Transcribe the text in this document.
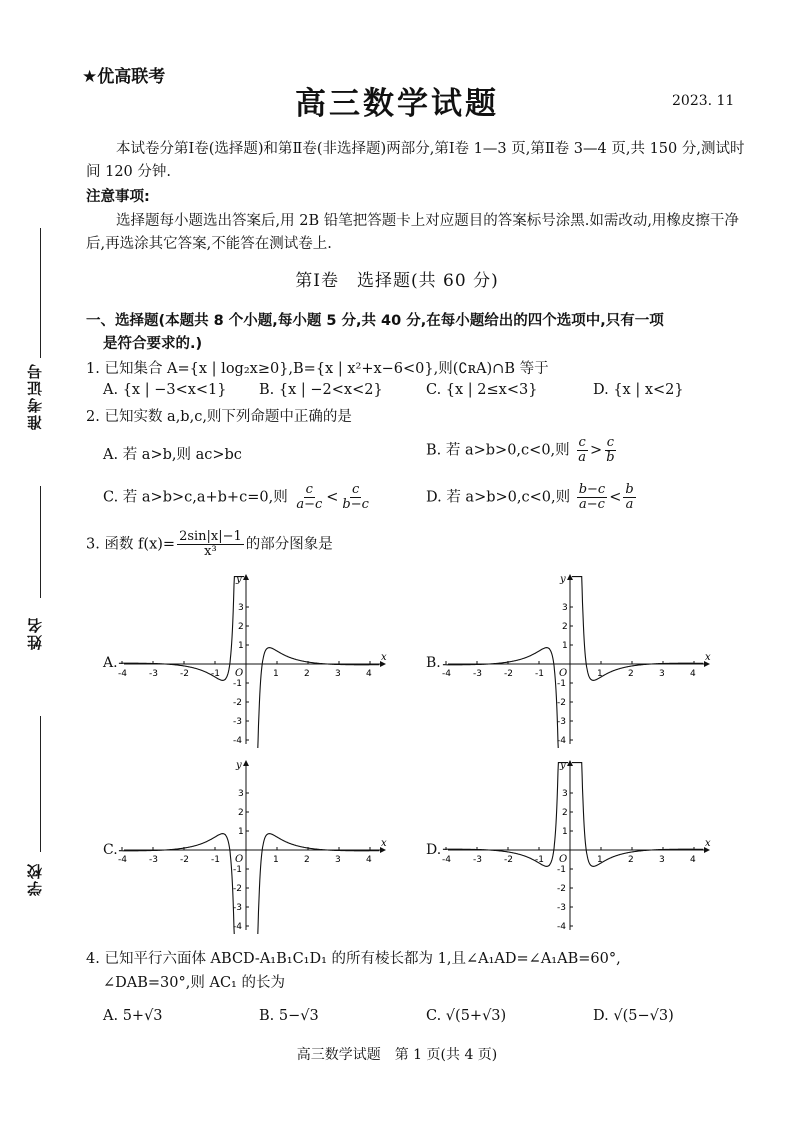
准考证号
姓名
学校
★优高联考
高三数学试题	2023. 11
本试卷分第Ⅰ卷(选择题)和第Ⅱ卷(非选择题)两部分,第Ⅰ卷 1—3 页,第Ⅱ卷 3—4 页,共 150 分,测试时间 120 分钟.
注意事项:
选择题每小题选出答案后,用 2B 铅笔把答题卡上对应题目的答案标号涂黑.如需改动,用橡皮擦干净后,再选涂其它答案,不能答在测试卷上.
第Ⅰ卷　选择题(共 60 分)
一、选择题(本题共 8 个小题,每小题 5 分,共 40 分,在每小题给出的四个选项中,只有一项
是符合要求的.)
1. 已知集合 A={x | log₂x≥0},B={x | x²+x−6<0},则(∁ʀA)∩B 等于
A. {x | −3<x<1} B. {x | −2<x<2}	C. {x | 2≤x<3}	D. {x | x<2}
2. 已知实数 a,b,c,则下列命题中正确的是
A. 若 a>b,则 ac>bc	B. 若 a>b>0,c<0,则 $\frac{c}{a} > \frac{c}{b}$
C. 若 a>b>c,a+b+c=0,则 $\frac{c}{a-c} < \frac{c}{b-c}$	D. 若 a>b>0,c<0,则 $\frac{b-c}{a-c} < \frac{b}{a}$
3. 函数 $f(x)= \frac{2\sin|x|-1}{\text{x³}}$ 的部分图象是
A.	B.
C.	D.
x
y
-4 -3 -2 -1 O	1	2	3	4
3
2
1
-1
-2
-3
-4
x
y
-4 -3 -2 -1 O	1	2	3	4
3
2
1
-1
-2
-3
-4
x
y
-4 -3 -2 -1 O	1	2	3	4
3
2
1
-1
-2
-3
-4
x
y
-4 -3 -2 -1 O	1	2	3	4
3
2
1
-1
-2
-3
-4
4. 已知平行六面体 ABCD-A₁B₁C₁D₁ 的所有棱长都为 1,且∠A₁AD=∠A₁AB=60°,
∠DAB=30°,则 AC₁ 的长为
A. 5+√3	B. 5−√3	C. √(5+√3)	D. √(5−√3)
高三数学试题　第 1 页(共 4 页)
